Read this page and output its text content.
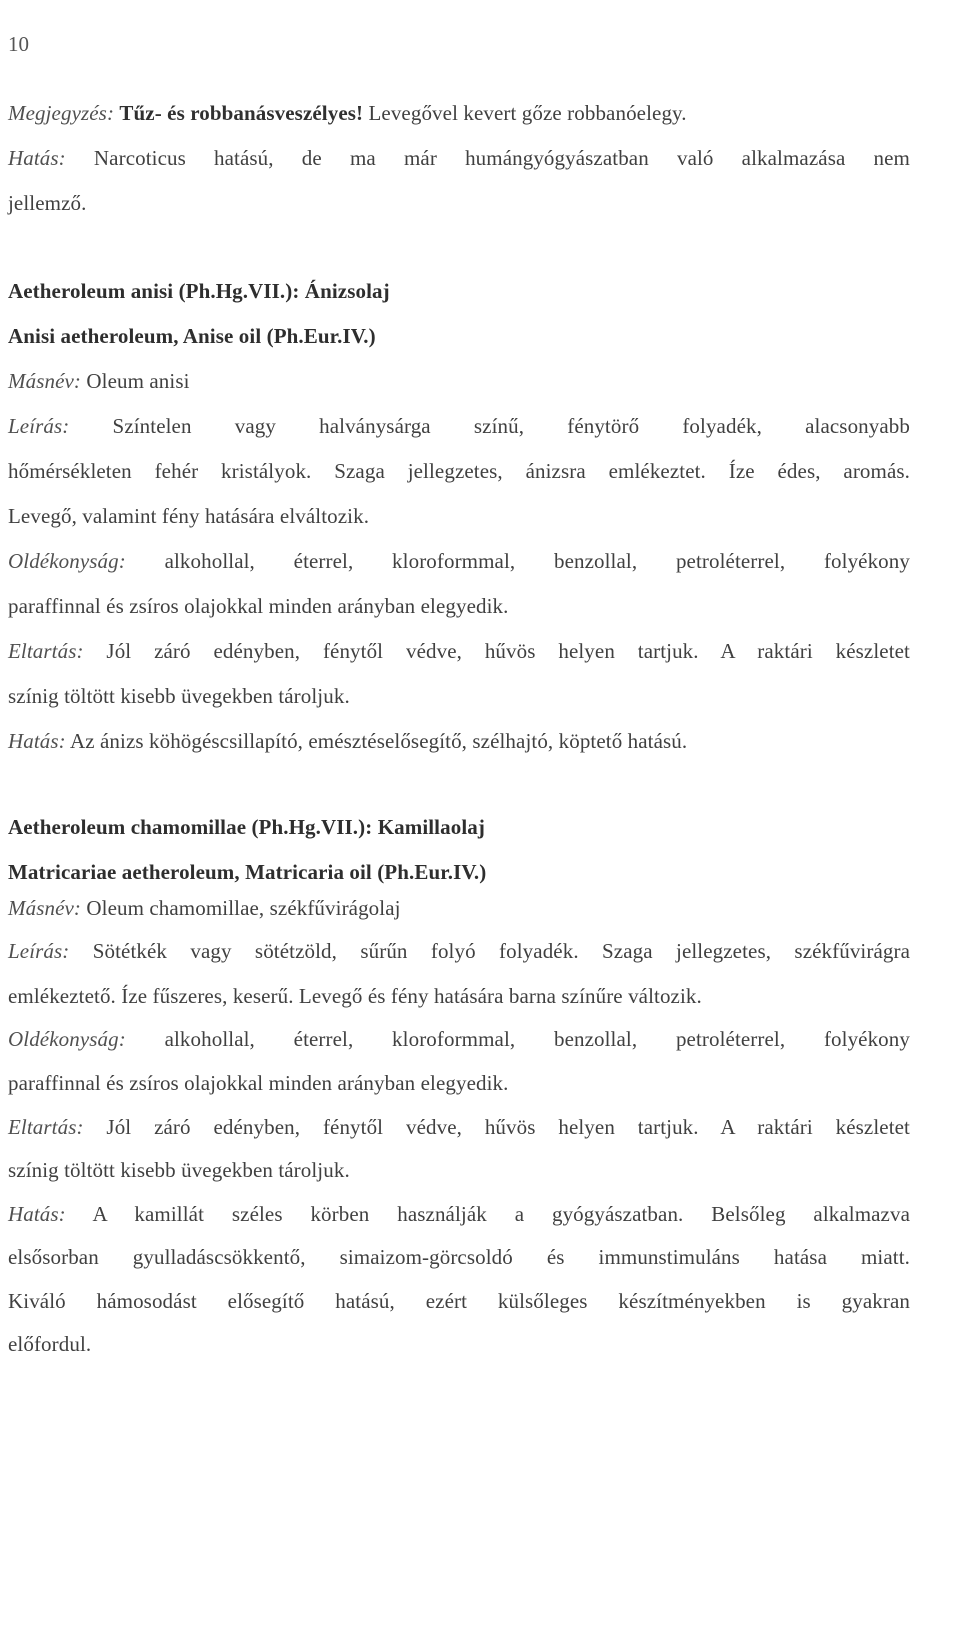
10
Megjegyzés: Tűz- és robbanásveszélyes! Levegővel kevert gőze robbanóelegy.
Hatás: Narcoticus hatású, de ma már humángyógyászatban való alkalmazása nem
jellemző.
Aetheroleum anisi (Ph.Hg.VII.): Ánizsolaj
Anisi aetheroleum, Anise oil (Ph.Eur.IV.)
Másnév: Oleum anisi
Leírás: Színtelen vagy halványsárga színű, fénytörő folyadék, alacsonyabb
hőmérsékleten fehér kristályok. Szaga jellegzetes, ánizsra emlékeztet. Íze édes, aromás.
Levegő, valamint fény hatására elváltozik.
Oldékonyság: alkohollal, éterrel, kloroformmal, benzollal, petroléterrel, folyékony
paraffinnal és zsíros olajokkal minden arányban elegyedik.
Eltartás: Jól záró edényben, fénytől védve, hűvös helyen tartjuk. A raktári készletet
színig töltött kisebb üvegekben tároljuk.
Hatás: Az ánizs köhögéscsillapító, emésztéselősegítő, szélhajtó, köptető hatású.
Aetheroleum chamomillae (Ph.Hg.VII.): Kamillaolaj
Matricariae aetheroleum, Matricaria oil (Ph.Eur.IV.)
Másnév: Oleum chamomillae, székfűvirágolaj
Leírás: Sötétkék vagy sötétzöld, sűrűn folyó folyadék. Szaga jellegzetes, székfűvirágra
emlékeztető. Íze fűszeres, keserű. Levegő és fény hatására barna színűre változik.
Oldékonyság: alkohollal, éterrel, kloroformmal, benzollal, petroléterrel, folyékony
paraffinnal és zsíros olajokkal minden arányban elegyedik.
Eltartás: Jól záró edényben, fénytől védve, hűvös helyen tartjuk. A raktári készletet
színig töltött kisebb üvegekben tároljuk.
Hatás: A kamillát széles körben használják a gyógyászatban. Belsőleg alkalmazva
elsősorban gyulladáscsökkentő, simaizom-görcsoldó és immunstimuláns hatása miatt.
Kiváló hámosodást elősegítő hatású, ezért külsőleges készítményekben is gyakran
előfordul.
